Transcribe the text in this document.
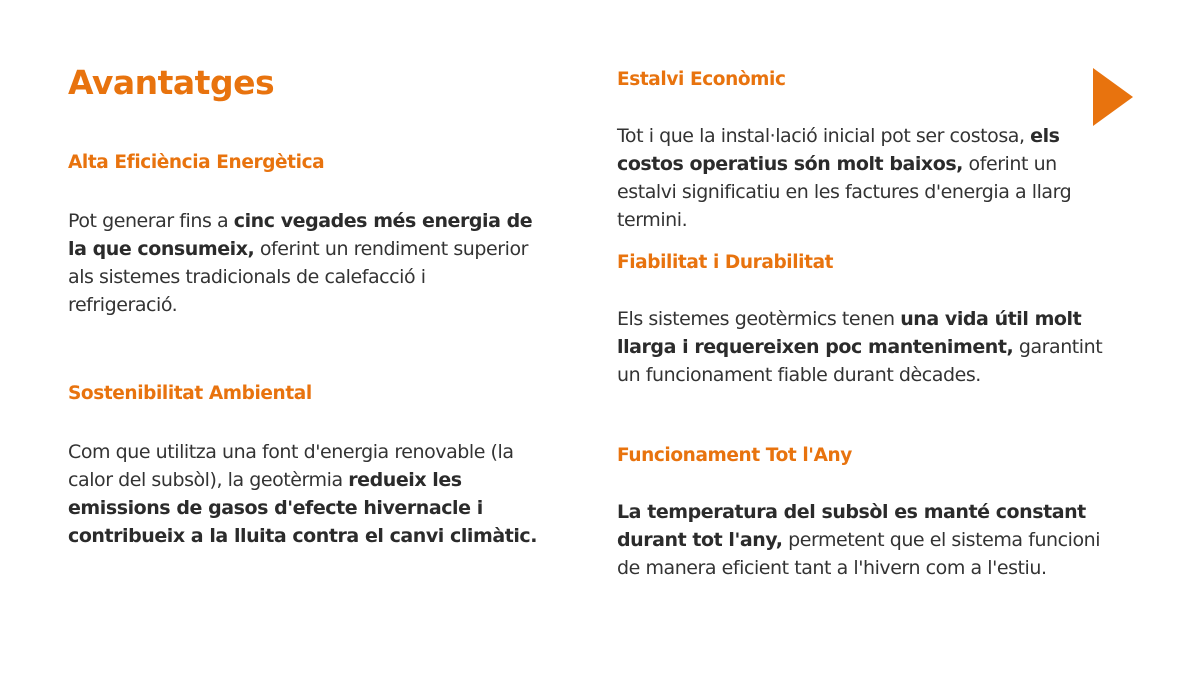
Avantatges
Alta Eficiència Energètica

Pot generar fins a cinc vegades més energia de la que consumeix, oferint un rendiment superior als sistemes tradicionals de calefacció i refrigeració.

Sostenibilitat Ambiental

Com que utilitza una font d'energia renovable (la calor del subsòl), la geotèrmia redueix les emissions de gasos d'efecte hivernacle i contribueix a la lluita contra el canvi climàtic.

Estalvi Econòmic

Tot i que la instal·lació inicial pot ser costosa, els costos operatius són molt baixos, oferint un estalvi significatiu en les factures d'energia a llarg termini.

Fiabilitat i Durabilitat

Els sistemes geotèrmics tenen una vida útil molt llarga i requereixen poc manteniment, garantint un funcionament fiable durant dècades.

Funcionament Tot l'Any

La temperatura del subsòl es manté constant durant tot l'any, permetent que el sistema funcioni de manera eficient tant a l'hivern com a l'estiu.
